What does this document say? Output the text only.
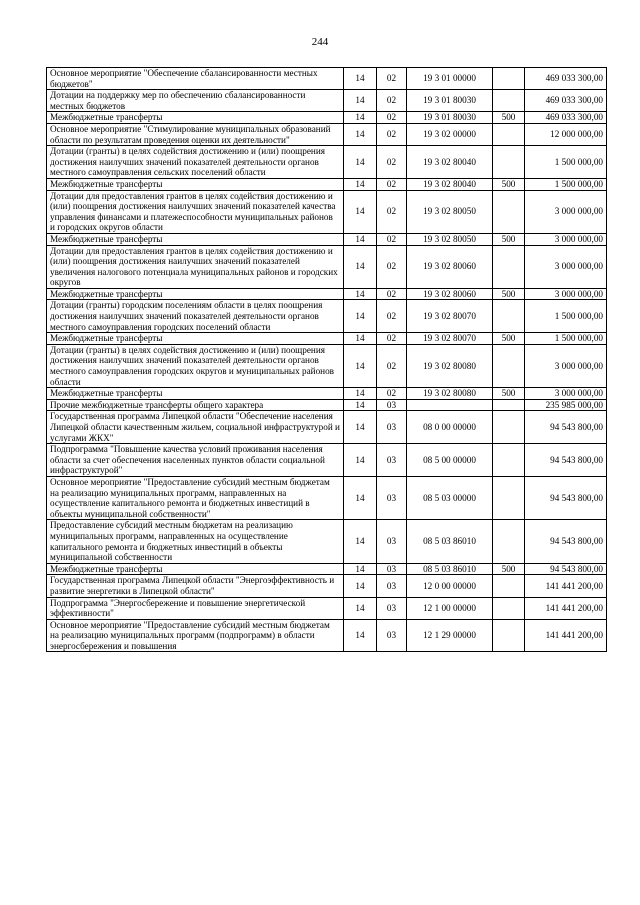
244
Основное мероприятие "Обеспечение сбалансированности местных бюджетов"	14	02	19 3 01 00000		469 033 300,00
Дотации на поддержку мер по обеспечению сбалансированности местных бюджетов	14	02	19 3 01 80030		469 033 300,00
Межбюджетные трансферты	14	02	19 3 01 80030	500	469 033 300,00
Основное мероприятие "Стимулирование муниципальных образований области по результатам проведения оценки их деятельности"	14	02	19 3 02 00000		12 000 000,00
Дотации (гранты) в целях содействия достижению и (или) поощрения достижения наилучших значений показателей деятельности органов местного самоуправления сельских поселений области	14	02	19 3 02 80040		1 500 000,00
Межбюджетные трансферты	14	02	19 3 02 80040	500	1 500 000,00
Дотации для предоставления грантов в целях содействия достижению и (или) поощрения достижения наилучших значений показателей качества управления финансами и платежеспособности муниципальных районов и городских округов области	14	02	19 3 02 80050		3 000 000,00
Межбюджетные трансферты	14	02	19 3 02 80050	500	3 000 000,00
Дотации для предоставления грантов в целях содействия достижению и (или) поощрения достижения наилучших значений показателей увеличения налогового потенциала муниципальных районов и городских округов	14	02	19 3 02 80060		3 000 000,00
Межбюджетные трансферты	14	02	19 3 02 80060	500	3 000 000,00
Дотации (гранты) городским поселениям области в целях поощрения достижения наилучших значений показателей деятельности органов местного самоуправления городских поселений области	14	02	19 3 02 80070		1 500 000,00
Межбюджетные трансферты	14	02	19 3 02 80070	500	1 500 000,00
Дотации (гранты) в целях содействия достижению и (или) поощрения достижения наилучших значений показателей деятельности органов местного самоуправления городских округов и муниципальных районов области	14	02	19 3 02 80080		3 000 000,00
Межбюджетные трансферты	14	02	19 3 02 80080	500	3 000 000,00
Прочие межбюджетные трансферты общего характера	14	03			235 985 000,00
Государственная программа Липецкой области "Обеспечение населения Липецкой области качественным жильем, социальной инфраструктурой и услугами ЖКХ"	14	03	08 0 00 00000		94 543 800,00
Подпрограмма "Повышение качества условий проживания населения области за счет обеспечения населенных пунктов области социальной инфраструктурой"	14	03	08 5 00 00000		94 543 800,00
Основное мероприятие "Предоставление субсидий местным бюджетам на реализацию муниципальных программ, направленных на осуществление капитального ремонта и бюджетных инвестиций в объекты муниципальной собственности"	14	03	08 5 03 00000		94 543 800,00
Предоставление субсидий местным бюджетам на реализацию муниципальных программ, направленных на осуществление капитального ремонта и бюджетных инвестиций в объекты муниципальной собственности	14	03	08 5 03 86010		94 543 800,00
Межбюджетные трансферты	14	03	08 5 03 86010	500	94 543 800,00
Государственная программа Липецкой области "Энергоэффективность и развитие энергетики в Липецкой области"	14	03	12 0 00 00000		141 441 200,00
Подпрограмма "Энергосбережение и повышение энергетической эффективности"	14	03	12 1 00 00000		141 441 200,00
Основное мероприятие "Предоставление субсидий местным бюджетам на реализацию муниципальных программ (подпрограмм) в области энергосбережения и повышения	14	03	12 1 29 00000		141 441 200,00
